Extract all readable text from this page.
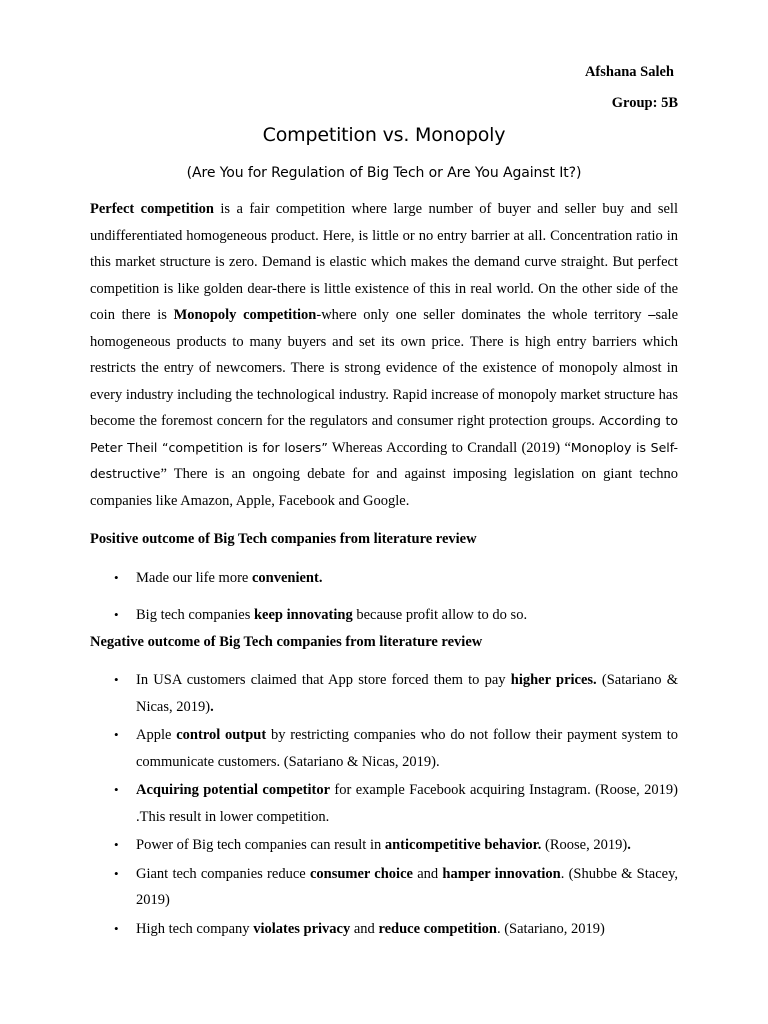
Afshana Saleh
Group: 5B
Competition vs. Monopoly
(Are You for Regulation of Big Tech or Are You Against It?)
Perfect competition is a fair competition where large number of buyer and seller buy and sell undifferentiated homogeneous product. Here, is little or no entry barrier at all. Concentration ratio in this market structure is zero. Demand is elastic which makes the demand curve straight. But perfect competition is like golden dear-there is little existence of this in real world. On the other side of the coin there is Monopoly competition-where only one seller dominates the whole territory –sale homogeneous products to many buyers and set its own price. There is high entry barriers which restricts the entry of newcomers. There is strong evidence of the existence of monopoly almost in every industry including the technological industry. Rapid increase of monopoly market structure has become the foremost concern for the regulators and consumer right protection groups. According to Peter Theil “competition is for losers” Whereas According to Crandall (2019) “Monoploy is Self-destructive” There is an ongoing debate for and against imposing legislation on giant techno companies like Amazon, Apple, Facebook and Google.
Positive outcome of Big Tech companies from literature review
• Made our life more convenient.
• Big tech companies keep innovating because profit allow to do so.
Negative outcome of Big Tech companies from literature review
• In USA customers claimed that App store forced them to pay higher prices. (Satariano & Nicas, 2019).
• Apple control output by restricting companies who do not follow their payment system to communicate customers. (Satariano & Nicas, 2019).
• Acquiring potential competitor for example Facebook acquiring Instagram. (Roose, 2019) .This result in lower competition.
• Power of Big tech companies can result in anticompetitive behavior. (Roose, 2019).
• Giant tech companies reduce consumer choice and hamper innovation. (Shubbe & Stacey, 2019)
• High tech company violates privacy and reduce competition. (Satariano, 2019)
